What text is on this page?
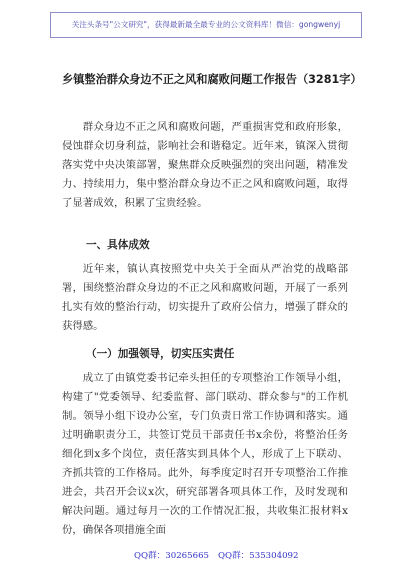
关注头条号"公文研究"，获得最新最全最专业的公文资料库！微信：gongwenyj
乡镇整治群众身边不正之风和腐败问题工作报告（3281字）

群众身边不正之风和腐败问题，严重损害党和政府形象，侵蚀群众切身利益，影响社会和谐稳定。近年来，镇深入贯彻落实党中央决策部署，聚焦群众反映强烈的突出问题，精准发力、持续用力，集中整治群众身边不正之风和腐败问题，取得了显著成效，积累了宝贵经验。

一、具体成效

近年来，镇认真按照党中央关于全面从严治党的战略部署，围绕整治群众身边的不正之风和腐败问题，开展了一系列扎实有效的整治行动，切实提升了政府公信力，增强了群众的获得感。

（一）加强领导，切实压实责任

成立了由镇党委书记牵头担任的专项整治工作领导小组，构建了"党委领导、纪委监督、部门联动、群众参与"的工作机制。领导小组下设办公室，专门负责日常工作协调和落实。通过明确职责分工，共签订党员干部责任书x余份，将整治任务细化到x多个岗位，责任落实到具体个人，形成了上下联动、齐抓共管的工作格局。此外，每季度定时召开专项整治工作推进会，共召开会议x次，研究部署各项具体工作，及时发现和解决问题。通过每月一次的工作情况汇报，共收集汇报材料x份，确保各项措施全面

QQ群：30265665 QQ群：535304092
